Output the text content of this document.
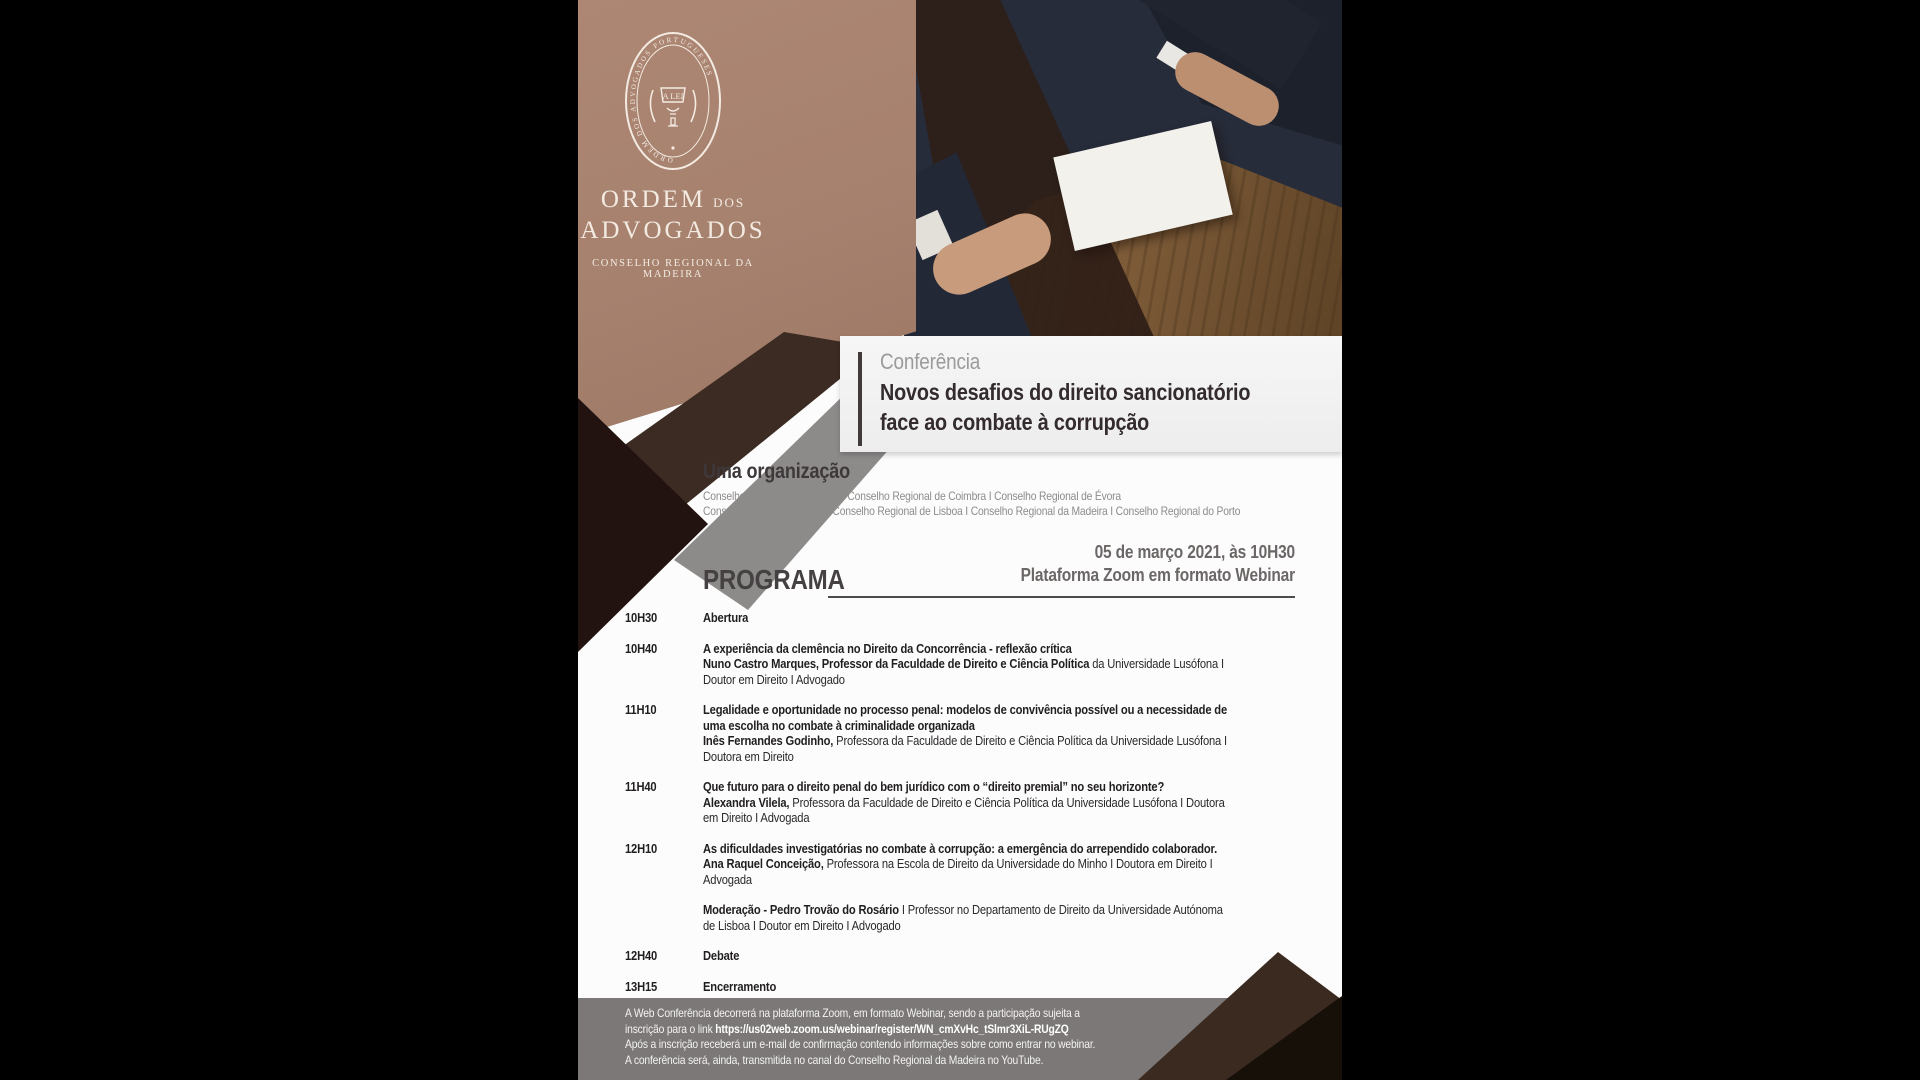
ORDEM DOS ADVOGADOS PORTUGUESES
A LEI
ORDEM DOS
ADVOGADOS
CONSELHO REGIONAL DA MADEIRA
Conferência
Novos desafios do direito sancionatório
face ao combate à corrupção
Uma organização
Conselho Regional dos Açores I Conselho Regional de Coimbra I Conselho Regional de Évora
Conselho Regional de Faro I Conselho Regional de Lisboa I Conselho Regional da Madeira I Conselho Regional do Porto
05 de março 2021, às 10H30
Plataforma Zoom em formato Webinar
PROGRAMA
10H30	Abertura
10H40	A experiência da clemência no Direito da Concorrência - reflexão crítica
Nuno Castro Marques, Professor da Faculdade de Direito e Ciência Política da Universidade Lusófona I
Doutor em Direito I Advogado
11H10	Legalidade e oportunidade no processo penal: modelos de convivência possível ou a necessidade de
uma escolha no combate à criminalidade organizada
Inês Fernandes Godinho, Professora da Faculdade de Direito e Ciência Política da Universidade Lusófona I
Doutora em Direito
11H40	Que futuro para o direito penal do bem jurídico com o “direito premial” no seu horizonte?
Alexandra Vilela, Professora da Faculdade de Direito e Ciência Política da Universidade Lusófona I Doutora
em Direito I Advogada
12H10	As dificuldades investigatórias no combate à corrupção: a emergência do arrependido colaborador.
Ana Raquel Conceição, Professora na Escola de Direito da Universidade do Minho I Doutora em Direito I
Advogada
Moderação - Pedro Trovão do Rosário I Professor no Departamento de Direito da Universidade Autónoma
de Lisboa I Doutor em Direito I Advogado
12H40	Debate
13H15	Encerramento
A Web Conferência decorrerá na plataforma Zoom, em formato Webinar, sendo a participação sujeita a
inscrição para o link https://us02web.zoom.us/webinar/register/WN_cmXvHc_tSlmr3XiL-RUgZQ
Após a inscrição receberá um e-mail de confirmação contendo informações sobre como entrar no webinar.
A conferência será, ainda, transmitida no canal do Conselho Regional da Madeira no YouTube.
